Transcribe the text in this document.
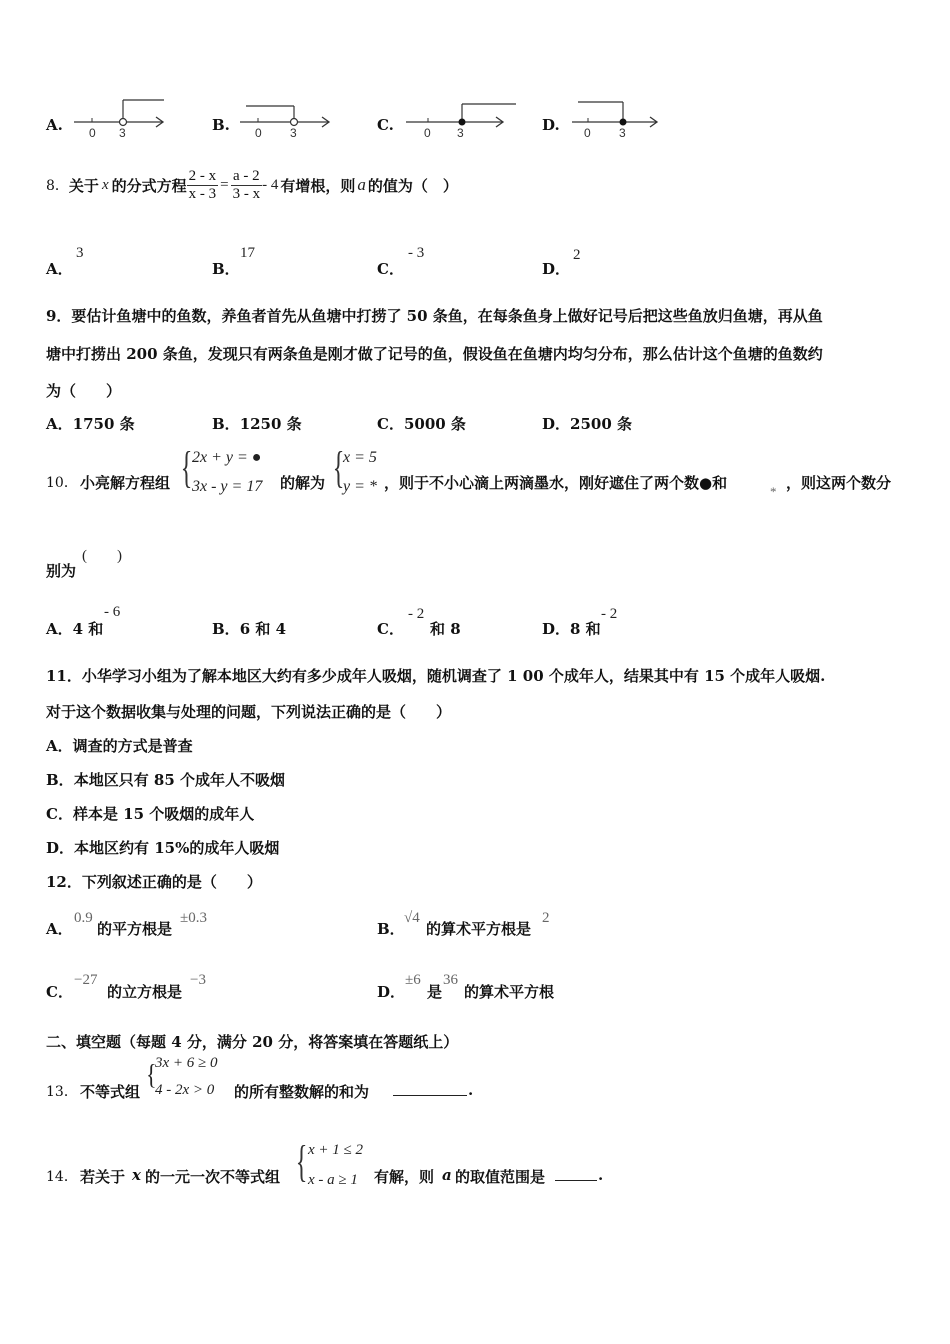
A. 0 3	B. 0 3	C.	0 3	D. 0 3
8． 关于 x 的分式方程 $\frac{2 - x}{x - 3} = \frac{a - 2}{3 - x} - 4$ 有增根，则 a 的值为（　）
A．
3
B．
17
C．
- 3
D．
2
9．要估计鱼塘中的鱼数，养鱼者首先从鱼塘中打捞了 50 条鱼，在每条鱼身上做好记号后把这些鱼放归鱼塘，再从鱼
塘中打捞出 200 条鱼，发现只有两条鱼是刚才做了记号的鱼，假设鱼在鱼塘内均匀分布，那么估计这个鱼塘的鱼数约
为（　　）
A．1750 条	B．1250 条	C．5000 条	D．2500 条
10． 小亮解方程组 { 2x + y = ●
3x - y = 17 的解为 {
x = 5
y = * ，则于不小心滴上两滴墨水，刚好遮住了两个数●和	* ，则这两个数分
别为
(　　)
A．4 和
- 6
B．6 和 4	C．
- 2
和 8	D．8 和
- 2
11．小华学习小组为了解本地区大约有多少成年人吸烟，随机调查了 1 00 个成年人，结果其中有 15 个成年人吸烟.
对于这个数据收集与处理的问题，下列说法正确的是（　　）
A．调查的方式是普查
B．本地区只有 85 个成年人不吸烟
C．样本是 15 个吸烟的成年人
D．本地区约有 15%的成年人吸烟
12．下列叙述正确的是（　　）
A．
0.9
的平方根是
±0.3
B．
√4
的算术平方根是
2
C．
−27
的立方根是
−3
D．
±6
是
36
的算术平方根
二、填空题（每题 4 分，满分 20 分，将答案填在答题纸上）
13． 不等式组
{
3x + 6 ≥ 0
4 - 2x > 0 的所有整数解的和为	.
14． 若关于 x 的一元一次不等式组 { x + 1 ≤ 2
x - a ≥ 1	有解，则 a 的取值范围是	.
